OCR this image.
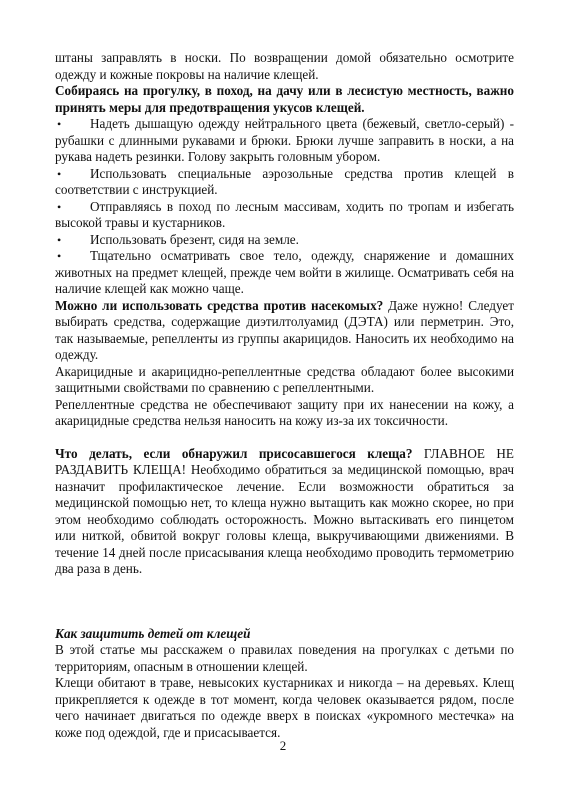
штаны заправлять в носки. По возвращении домой обязательно осмотрите одежду и кожные покровы на наличие клещей.

Собираясь на прогулку, в поход, на дачу или в лесистую местность, важно принять меры для предотвращения укусов клещей.

•	Надеть дышащую одежду нейтрального цвета (бежевый, светло-серый) - рубашки с длинными рукавами и брюки. Брюки лучше заправить в носки, а на рукава надеть резинки. Голову закрыть головным убором.

•	Использовать специальные аэрозольные средства против клещей в соответствии с инструкцией.

•	Отправляясь в поход по лесным массивам, ходить по тропам и избегать высокой травы и кустарников.

•	Использовать брезент, сидя на земле.

•	Тщательно осматривать свое тело, одежду, снаряжение и домашних животных на предмет клещей, прежде чем войти в жилище. Осматривать себя на наличие клещей как можно чаще.

Можно ли использовать средства против насекомых? Даже нужно! Следует выбирать средства, содержащие диэтилтолуамид (ДЭТА) или перметрин. Это, так называемые, репелленты из группы акарицидов. Наносить их необходимо на одежду.

Акарицидные и акарицидно-репеллентные средства обладают более высокими защитными свойствами по сравнению с репеллентными.

Репеллентные средства не обеспечивают защиту при их нанесении на кожу, а акарицидные средства нельзя наносить на кожу из-за их токсичности.

Что делать, если обнаружил присосавшегося клеща? ГЛАВНОЕ НЕ РАЗДАВИТЬ КЛЕЩА! Необходимо обратиться за медицинской помощью, врач назначит профилактическое лечение. Если возможности обратиться за медицинской помощью нет, то клеща нужно вытащить как можно скорее, но при этом необходимо соблюдать осторожность. Можно вытаскивать его пинцетом или ниткой, обвитой вокруг головы клеща, выкручивающими движениями. В течение 14 дней после присасывания клеща необходимо проводить термометрию два раза в день.

Как защитить детей от клещей

В этой статье мы расскажем о правилах поведения на прогулках с детьми по территориям, опасным в отношении клещей.

Клещи обитают в траве, невысоких кустарниках и никогда – на деревьях. Клещ прикрепляется к одежде в тот момент, когда человек оказывается рядом, после чего начинает двигаться по одежде вверх в поисках «укромного местечка» на коже под одеждой, где и присасывается.

2
